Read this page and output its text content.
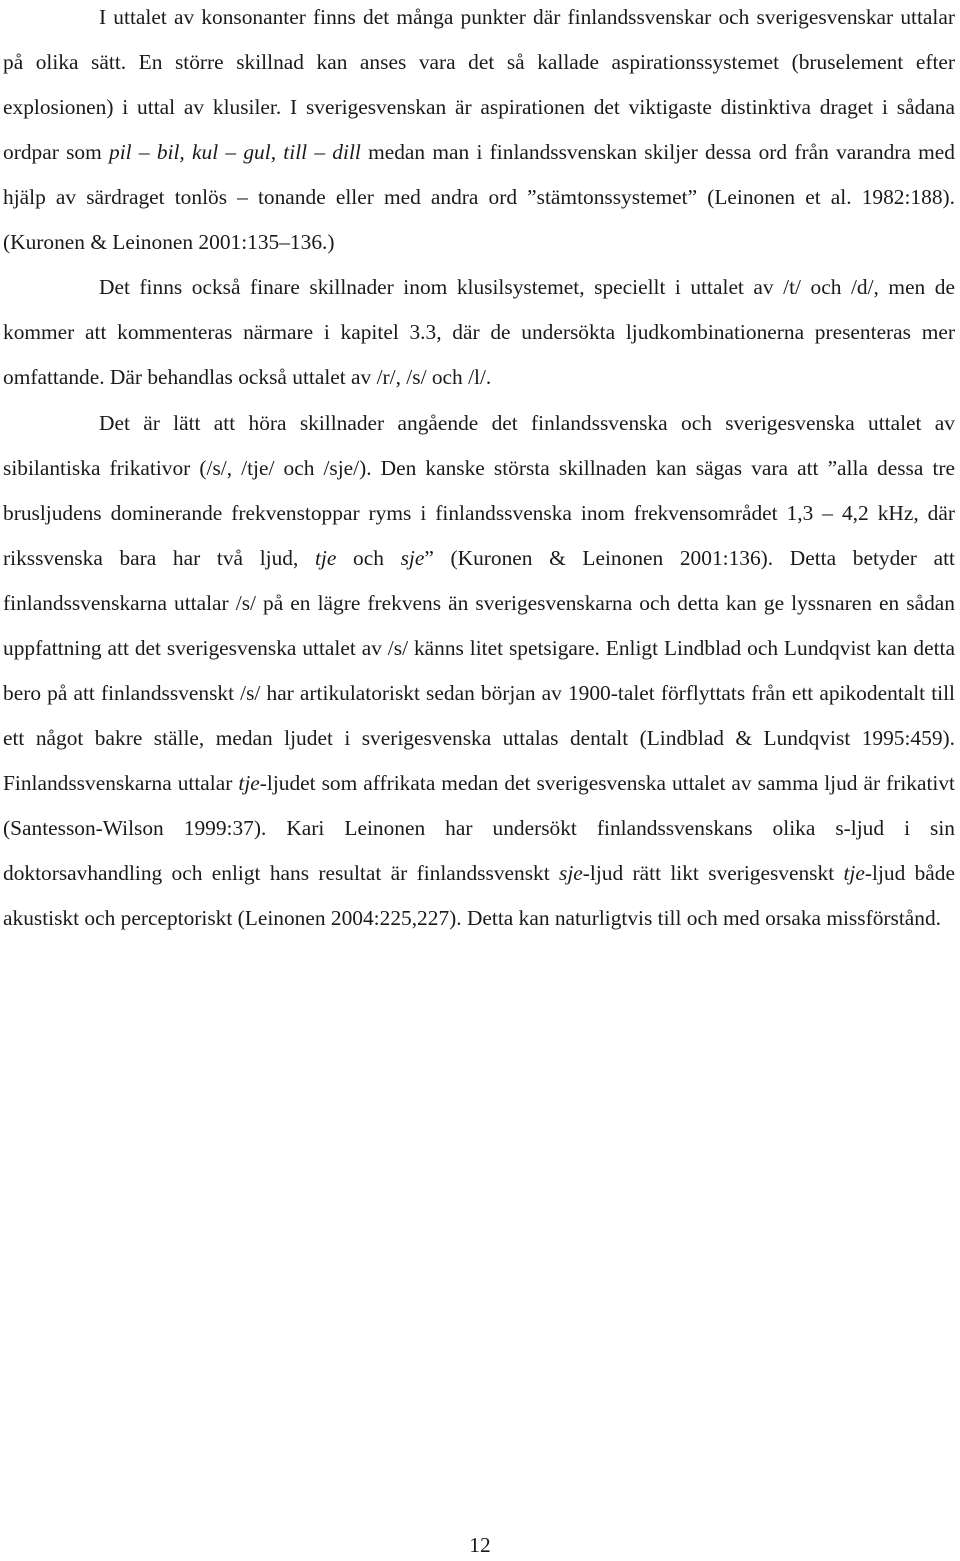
I uttalet av konsonanter finns det många punkter där finlandssvenskar och sverigesvenskar uttalar på olika sätt. En större skillnad kan anses vara det så kallade aspirationssystemet (bruselement efter explosionen) i uttal av klusiler. I sverigesvenskan är aspirationen det viktigaste distinktiva draget i sådana ordpar som pil – bil, kul – gul, till – dill medan man i finlandssvenskan skiljer dessa ord från varandra med hjälp av särdraget tonlös – tonande eller med andra ord ”stämtonssystemet” (Leinonen et al. 1982:188). (Kuronen & Leinonen 2001:135–136.)

Det finns också finare skillnader inom klusilsystemet, speciellt i uttalet av /t/ och /d/, men de kommer att kommenteras närmare i kapitel 3.3, där de undersökta ljudkombinationerna presenteras mer omfattande. Där behandlas också uttalet av /r/, /s/ och /l/.

Det är lätt att höra skillnader angående det finlandssvenska och sverigesvenska uttalet av sibilantiska frikativor (/s/, /tje/ och /sje/). Den kanske största skillnaden kan sägas vara att ”alla dessa tre brusljudens dominerande frekvenstoppar ryms i finlandssvenska inom frekvensområdet 1,3 – 4,2 kHz, där rikssvenska bara har två ljud, tje och sje” (Kuronen & Leinonen 2001:136). Detta betyder att finlandssvenskarna uttalar /s/ på en lägre frekvens än sverigesvenskarna och detta kan ge lyssnaren en sådan uppfattning att det sverigesvenska uttalet av /s/ känns litet spetsigare. Enligt Lindblad och Lundqvist kan detta bero på att finlandssvenskt /s/ har artikulatoriskt sedan början av 1900-talet förflyttats från ett apikodentalt till ett något bakre ställe, medan ljudet i sverigesvenska uttalas dentalt (Lindblad & Lundqvist 1995:459). Finlandssvenskarna uttalar tje-ljudet som affrikata medan det sverigesvenska uttalet av samma ljud är frikativt (Santesson-Wilson 1999:37). Kari Leinonen har undersökt finlandssvenskans olika s-ljud i sin doktorsavhandling och enligt hans resultat är finlandssvenskt sje-ljud rätt likt sverigesvenskt tje-ljud både akustiskt och perceptoriskt (Leinonen 2004:225,227). Detta kan naturligtvis till och med orsaka missförstånd.

12
